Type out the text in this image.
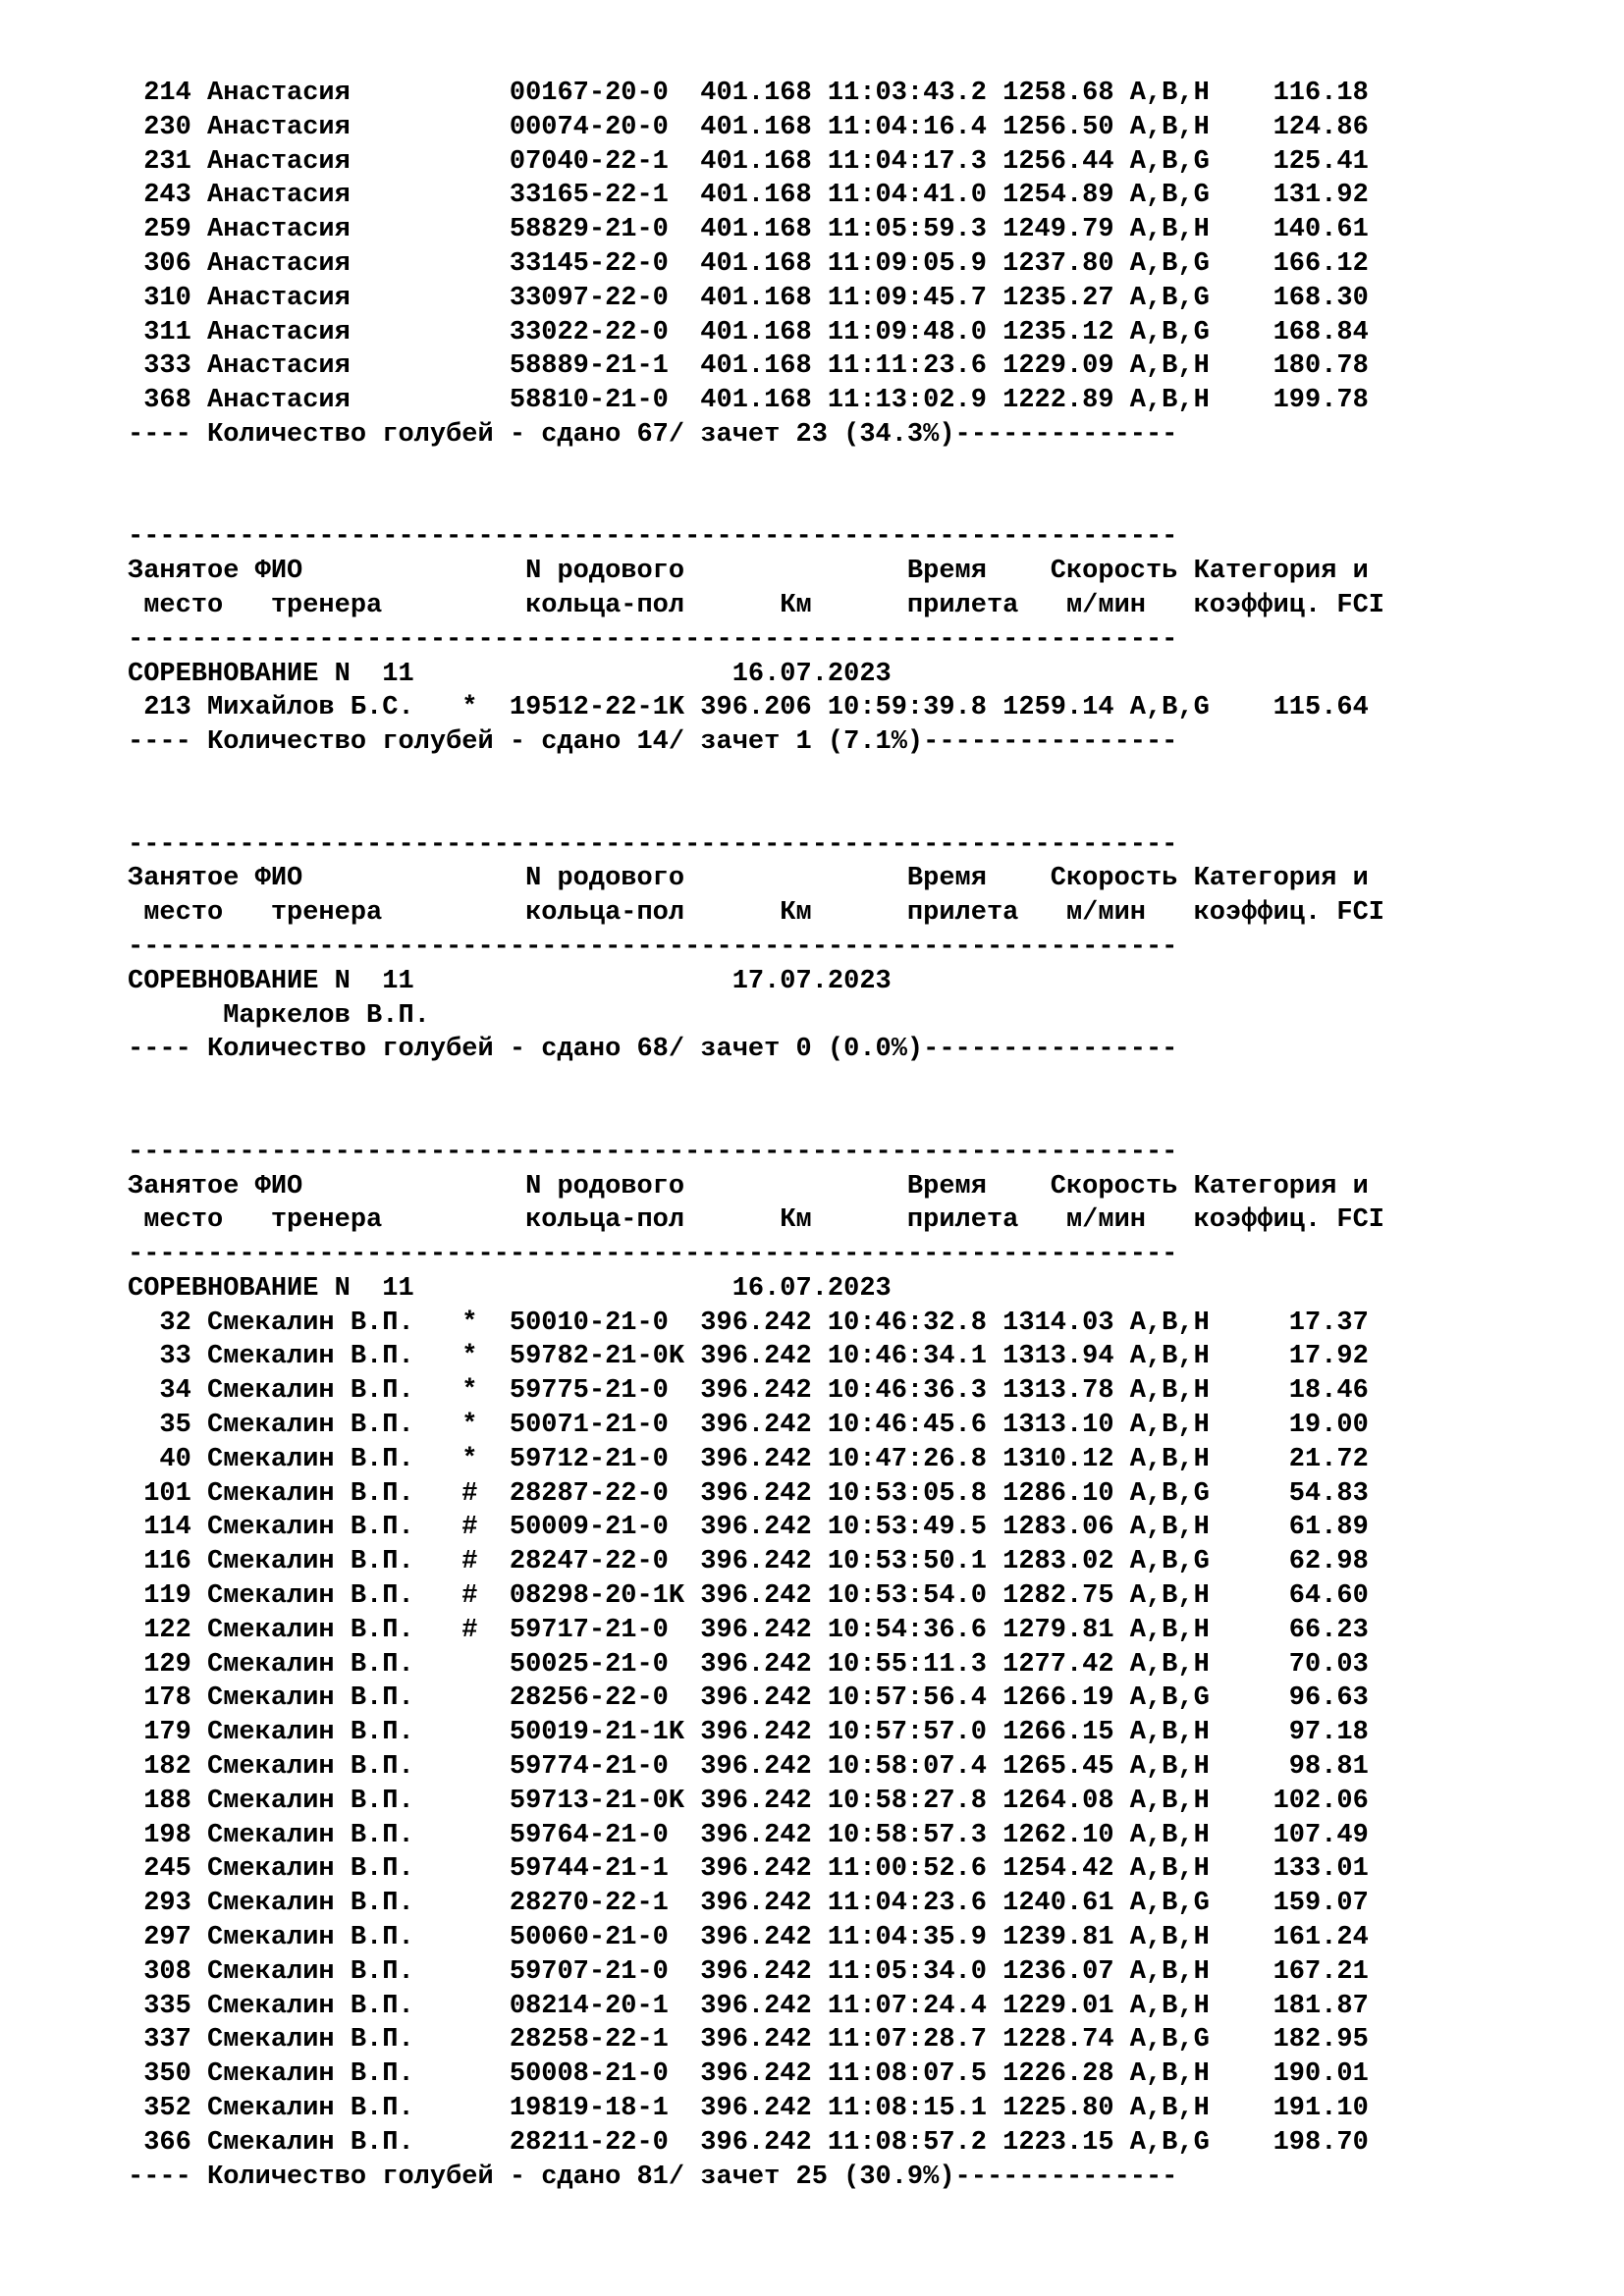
214 Анастасия          00167-20-0  401.168 11:03:43.2 1258.68 A,B,H    116.18
230 Анастасия          00074-20-0  401.168 11:04:16.4 1256.50 A,B,H    124.86
231 Анастасия          07040-22-1  401.168 11:04:17.3 1256.44 A,B,G    125.41
243 Анастасия          33165-22-1  401.168 11:04:41.0 1254.89 A,B,G    131.92
259 Анастасия          58829-21-0  401.168 11:05:59.3 1249.79 A,B,H    140.61
306 Анастасия          33145-22-0  401.168 11:09:05.9 1237.80 A,B,G    166.12
310 Анастасия          33097-22-0  401.168 11:09:45.7 1235.27 A,B,G    168.30
311 Анастасия          33022-22-0  401.168 11:09:48.0 1235.12 A,B,G    168.84
333 Анастасия          58889-21-1  401.168 11:11:23.6 1229.09 A,B,H    180.78
368 Анастасия          58810-21-0  401.168 11:13:02.9 1222.89 A,B,H    199.78
---- Количество голубей - сдано 67/ зачет 23 (34.3%)--------------
------------------------------------------------------------------
Занятое ФИО              N родового              Время    Скорость Категория и
место   тренера         кольца-пол      Км      прилета   м/мин   коэффиц. FCI
------------------------------------------------------------------
СОРЕВНОВАНИЕ N  11                    16.07.2023
213 Михайлов Б.С.   *  19512-22-1K 396.206 10:59:39.8 1259.14 A,B,G    115.64
---- Количество голубей - сдано 14/ зачет 1 (7.1%)----------------
------------------------------------------------------------------
Занятое ФИО              N родового              Время    Скорость Категория и
место   тренера         кольца-пол      Км      прилета   м/мин   коэффиц. FCI
------------------------------------------------------------------
СОРЕВНОВАНИЕ N  11                    17.07.2023
Маркелов В.П.
---- Количество голубей - сдано 68/ зачет 0 (0.0%)----------------
------------------------------------------------------------------
Занятое ФИО              N родового              Время    Скорость Категория и
место   тренера         кольца-пол      Км      прилета   м/мин   коэффиц. FCI
------------------------------------------------------------------
СОРЕВНОВАНИЕ N  11                    16.07.2023
32 Смекалин В.П.   *  50010-21-0  396.242 10:46:32.8 1314.03 A,B,H     17.37
33 Смекалин В.П.   *  59782-21-0K 396.242 10:46:34.1 1313.94 A,B,H     17.92
34 Смекалин В.П.   *  59775-21-0  396.242 10:46:36.3 1313.78 A,B,H     18.46
35 Смекалин В.П.   *  50071-21-0  396.242 10:46:45.6 1313.10 A,B,H     19.00
40 Смекалин В.П.   *  59712-21-0  396.242 10:47:26.8 1310.12 A,B,H     21.72
101 Смекалин В.П.   #  28287-22-0  396.242 10:53:05.8 1286.10 A,B,G     54.83
114 Смекалин В.П.   #  50009-21-0  396.242 10:53:49.5 1283.06 A,B,H     61.89
116 Смекалин В.П.   #  28247-22-0  396.242 10:53:50.1 1283.02 A,B,G     62.98
119 Смекалин В.П.   #  08298-20-1K 396.242 10:53:54.0 1282.75 A,B,H     64.60
122 Смекалин В.П.   #  59717-21-0  396.242 10:54:36.6 1279.81 A,B,H     66.23
129 Смекалин В.П.      50025-21-0  396.242 10:55:11.3 1277.42 A,B,H     70.03
178 Смекалин В.П.      28256-22-0  396.242 10:57:56.4 1266.19 A,B,G     96.63
179 Смекалин В.П.      50019-21-1K 396.242 10:57:57.0 1266.15 A,B,H     97.18
182 Смекалин В.П.      59774-21-0  396.242 10:58:07.4 1265.45 A,B,H     98.81
188 Смекалин В.П.      59713-21-0K 396.242 10:58:27.8 1264.08 A,B,H    102.06
198 Смекалин В.П.      59764-21-0  396.242 10:58:57.3 1262.10 A,B,H    107.49
245 Смекалин В.П.      59744-21-1  396.242 11:00:52.6 1254.42 A,B,H    133.01
293 Смекалин В.П.      28270-22-1  396.242 11:04:23.6 1240.61 A,B,G    159.07
297 Смекалин В.П.      50060-21-0  396.242 11:04:35.9 1239.81 A,B,H    161.24
308 Смекалин В.П.      59707-21-0  396.242 11:05:34.0 1236.07 A,B,H    167.21
335 Смекалин В.П.      08214-20-1  396.242 11:07:24.4 1229.01 A,B,H    181.87
337 Смекалин В.П.      28258-22-1  396.242 11:07:28.7 1228.74 A,B,G    182.95
350 Смекалин В.П.      50008-21-0  396.242 11:08:07.5 1226.28 A,B,H    190.01
352 Смекалин В.П.      19819-18-1  396.242 11:08:15.1 1225.80 A,B,H    191.10
366 Смекалин В.П.      28211-22-0  396.242 11:08:57.2 1223.15 A,B,G    198.70
---- Количество голубей - сдано 81/ зачет 25 (30.9%)--------------
